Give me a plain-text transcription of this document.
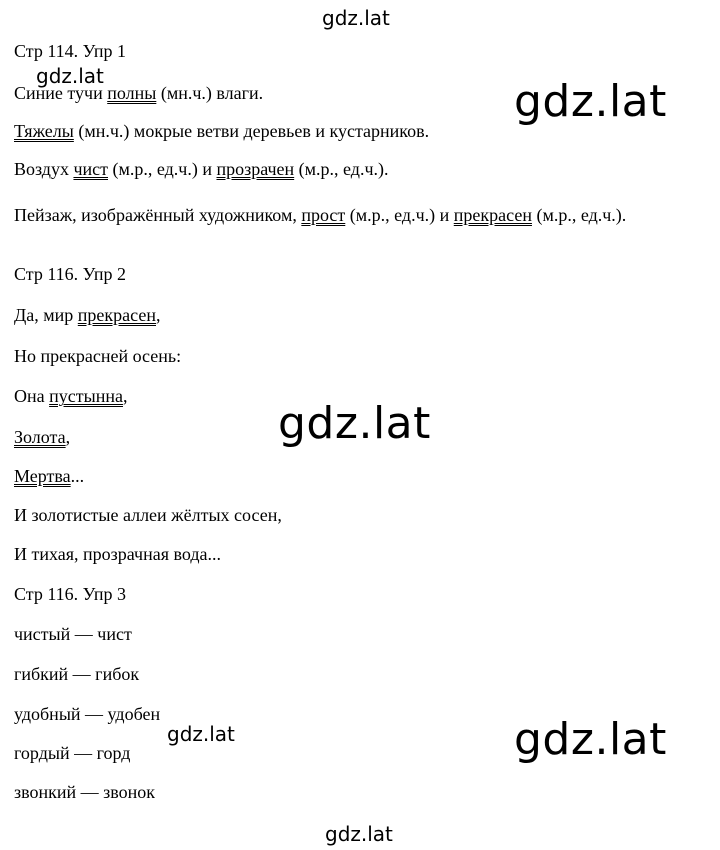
gdz.lat
gdz.lat	gdz.lat
gdz.lat
gdz.lat
gdz.lat
gdz.lat

Стр 114. Упр 1

Синие тучи полны (мн.ч.) влаги.

Тяжелы (мн.ч.) мокрые ветви деревьев и кустарников.

Воздух чист (м.р., ед.ч.) и прозрачен (м.р., ед.ч.).

Пейзаж, изображённый художником, прост (м.р., ед.ч.) и прекрасен (м.р., ед.ч.).

Стр 116. Упр 2

Да, мир прекрасен,

Но прекрасней осень:

Она пустынна,

Золота,

Мертва...

И золотистые аллеи жёлтых сосен,

И тихая, прозрачная вода...

Стр 116. Упр 3

чистый — чист

гибкий — гибок

удобный — удобен

гордый — горд

звонкий — звонок
